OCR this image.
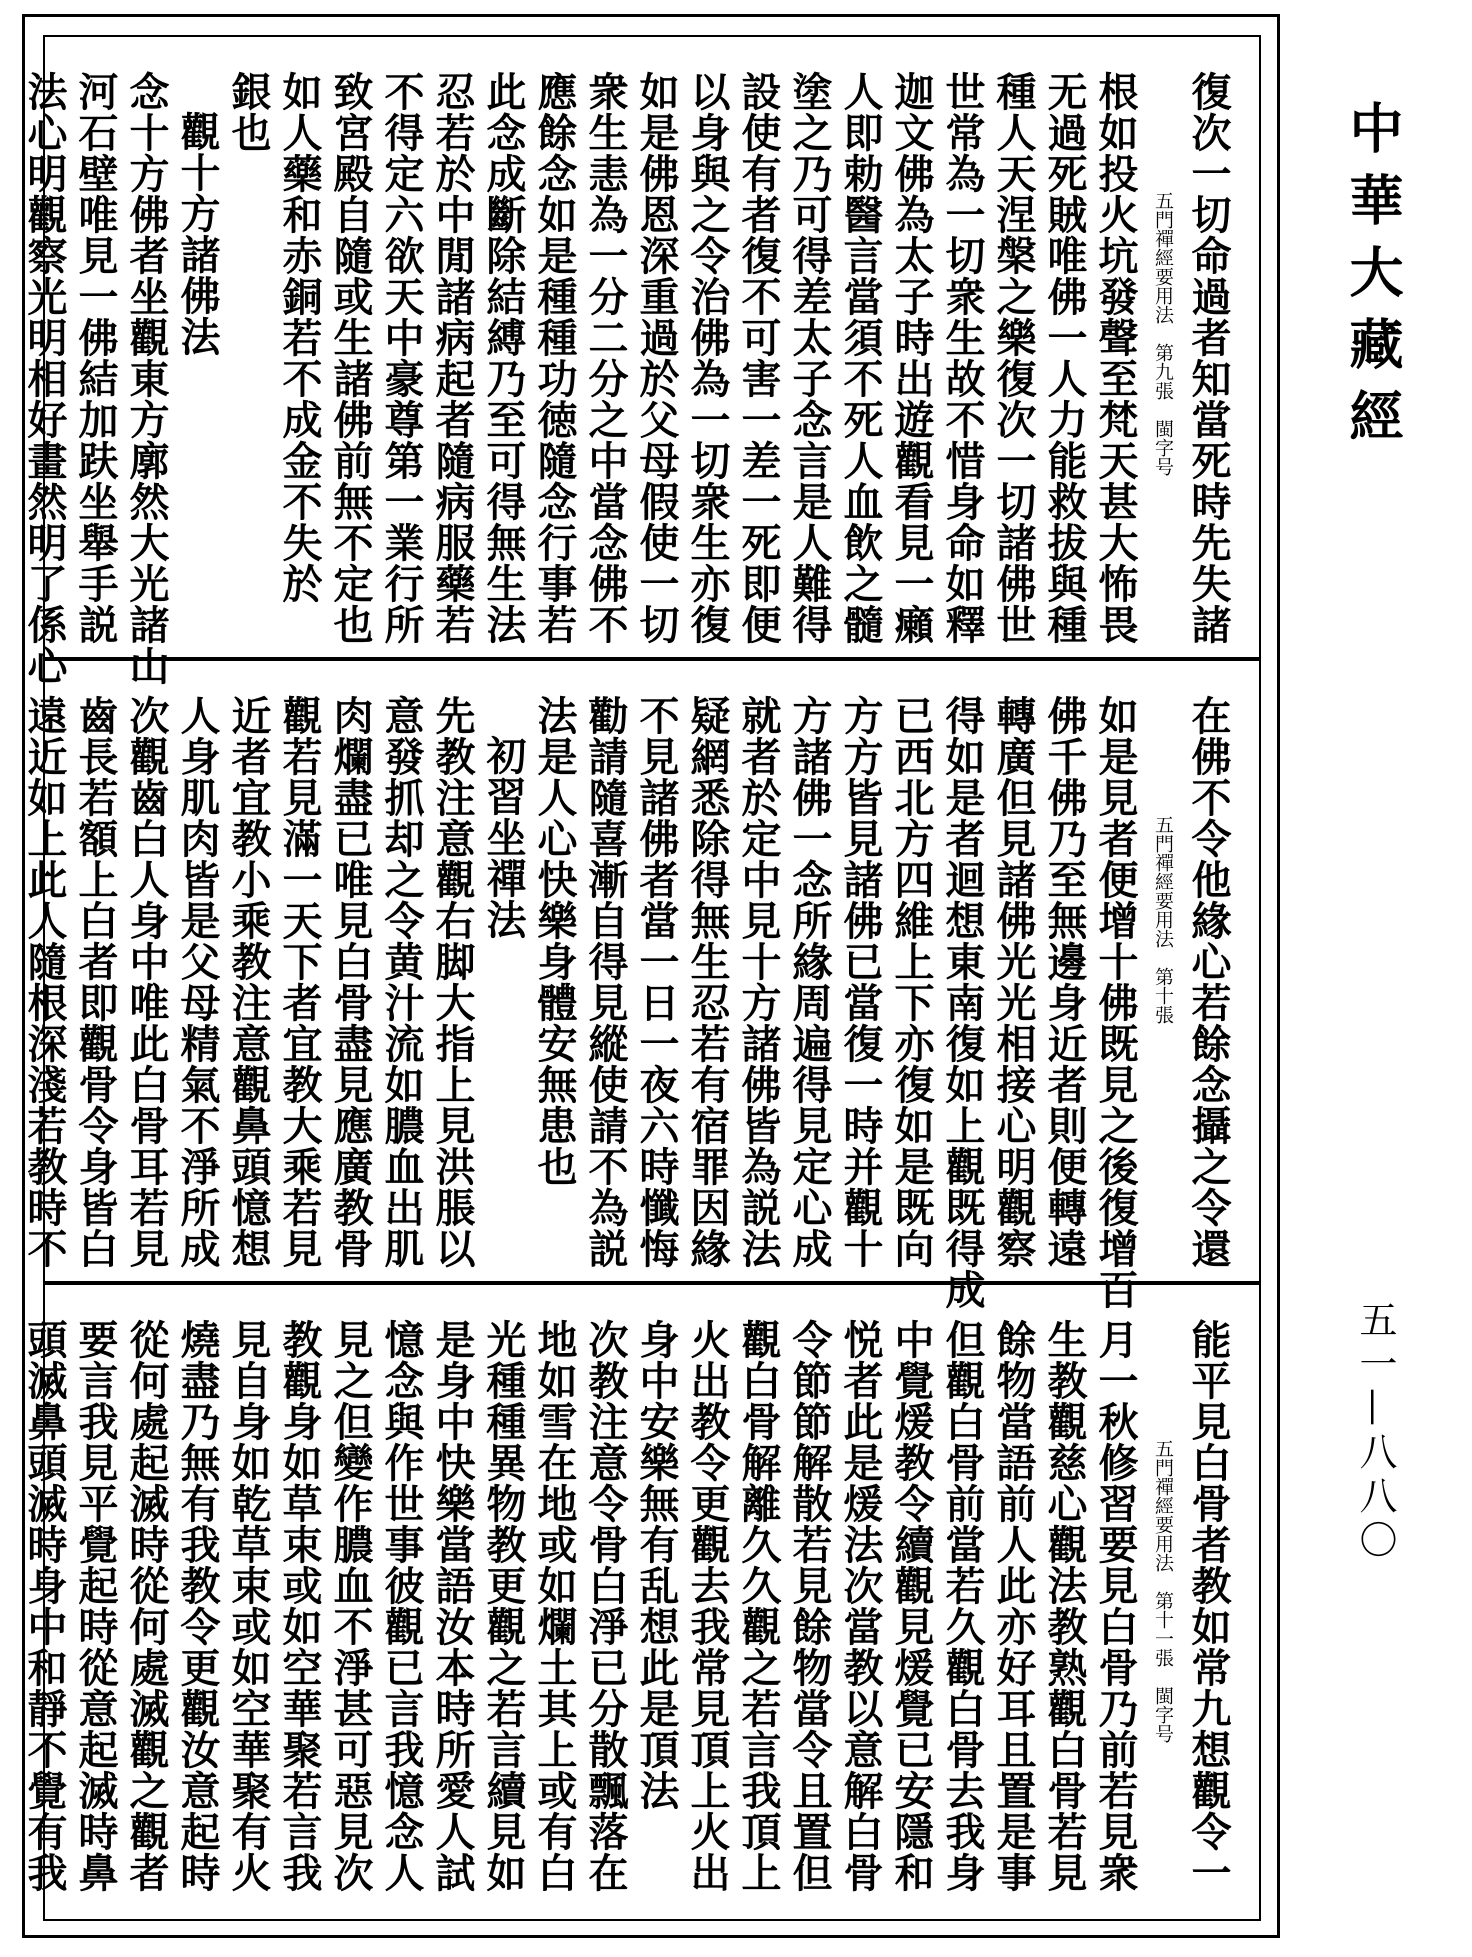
復次一切命過者知當死時先失諸
五門禪經要用法　第九張　閩字号
根如投火坑發聲至梵天甚大怖畏
无過死賊唯佛一人力能救拔與種
種人天涅槃之樂復次一切諸佛世
世常為一切衆生故不惜身命如釋
迦文佛為太子時出遊觀看見一癩
人即勅醫言當須不死人血飲之髓
塗之乃可得差太子念言是人難得
設使有者復不可害一差一死即便
以身與之令治佛為一切衆生亦復
如是佛恩深重過於父母假使一切
衆生恚為一分二分之中當念佛不
應餘念如是種種功徳隨念行事若
此念成斷除結縛乃至可得無生法
忍若於中閒諸病起者隨病服藥若
不得定六欲天中豪尊第一業行所
致宮殿自隨或生諸佛前無不定也
如人藥和赤銅若不成金不失於
銀也
觀十方諸佛法
念十方佛者坐觀東方廓然大光諸山
河石壁唯見一佛結加趺坐舉手説
法心明觀察光明相好畫然明了係心
在佛不令他緣心若餘念攝之令還
五門禪經要用法　第十張
如是見者便增十佛既見之後復增百
佛千佛乃至無邊身近者則便轉遠
轉廣但見諸佛光光相接心明觀察
得如是者迴想東南復如上觀既得成
已西北方四維上下亦復如是既向
方方皆見諸佛已當復一時并觀十
方諸佛一念所緣周遍得見定心成
就者於定中見十方諸佛皆為説法
疑網悉除得無生忍若有宿罪因緣
不見諸佛者當一日一夜六時懺悔
勸請隨喜漸自得見縱使請不為説
法是人心快樂身體安無患也
初習坐禪法
先教注意觀右脚大指上見洪脹以
意發抓却之令黄汁流如膿血出肌
肉爛盡已唯見白骨盡見應廣教骨
觀若見滿一天下者宜教大乘若見
近者宜教小乘教注意觀鼻頭憶想
人身肌肉皆是父母精氣不淨所成
次觀齒白人身中唯此白骨耳若見
齒長若額上白者即觀骨令身皆白
遠近如上此人隨根深淺若教時不
能平見白骨者教如常九想觀令一
五門禪經要用法　第十一張　閩字号
月一秋修習要見白骨乃前若見衆
生教觀慈心觀法教熟觀白骨若見
餘物當語前人此亦好耳且置是事
但觀白骨前當若久觀白骨去我身
中覺煖教令續觀見煖覺已安隱和
悦者此是煖法次當教以意解白骨
令節節解散若見餘物當令且置但
觀白骨解離久久觀之若言我頂上
火出教令更觀去我常見頂上火出
身中安樂無有乱想此是頂法
次教注意令骨白淨已分散飄落在
地如雪在地或如爛土其上或有白
光種種異物教更觀之若言續見如
是身中快樂當語汝本時所愛人試
憶念與作世事彼觀已言我憶念人
見之但變作膿血不淨甚可惡見次
教觀身如草束或如空華聚若言我
見自身如乾草束或如空華聚有火
燒盡乃無有我教令更觀汝意起時
從何處起滅時從何處滅觀之觀者
要言我見平覺起時從意起滅時鼻
頭滅鼻頭滅時身中和靜不覺有我
中華大藏經
五一—八八〇
